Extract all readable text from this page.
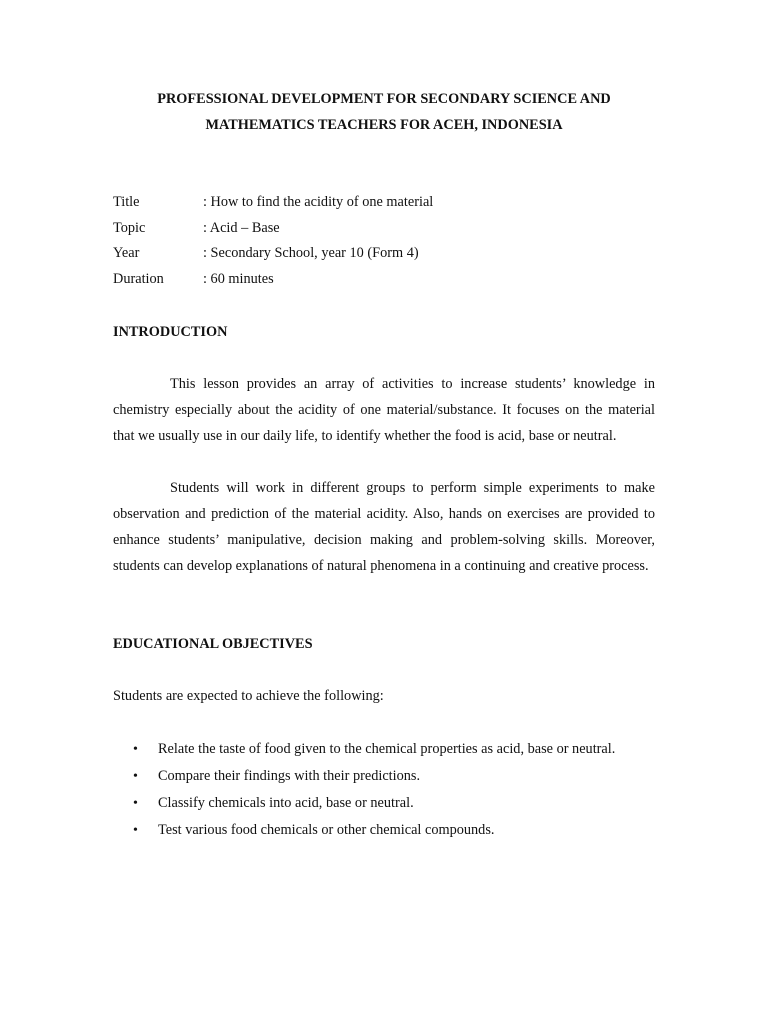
PROFESSIONAL DEVELOPMENT FOR SECONDARY SCIENCE AND
MATHEMATICS TEACHERS FOR ACEH, INDONESIA
Title	: How to find the acidity of one material
Topic	: Acid – Base
Year	: Secondary School, year 10 (Form 4)
Duration	: 60 minutes
INTRODUCTION

This lesson provides an array of activities to increase students’ knowledge in chemistry especially about the acidity of one material/substance. It focuses on the material that we usually use in our daily life, to identify whether the food is acid, base or neutral.

Students will work in different groups to perform simple experiments to make observation and prediction of the material acidity. Also, hands on exercises are provided to enhance students’ manipulative, decision making and problem-solving skills. Moreover, students can develop explanations of natural phenomena in a continuing and creative process.

EDUCATIONAL OBJECTIVES
Students are expected to achieve the following:
• Relate the taste of food given to the chemical properties as acid, base or neutral.
• Compare their findings with their predictions.
• Classify chemicals into acid, base or neutral.
• Test various food chemicals or other chemical compounds.
